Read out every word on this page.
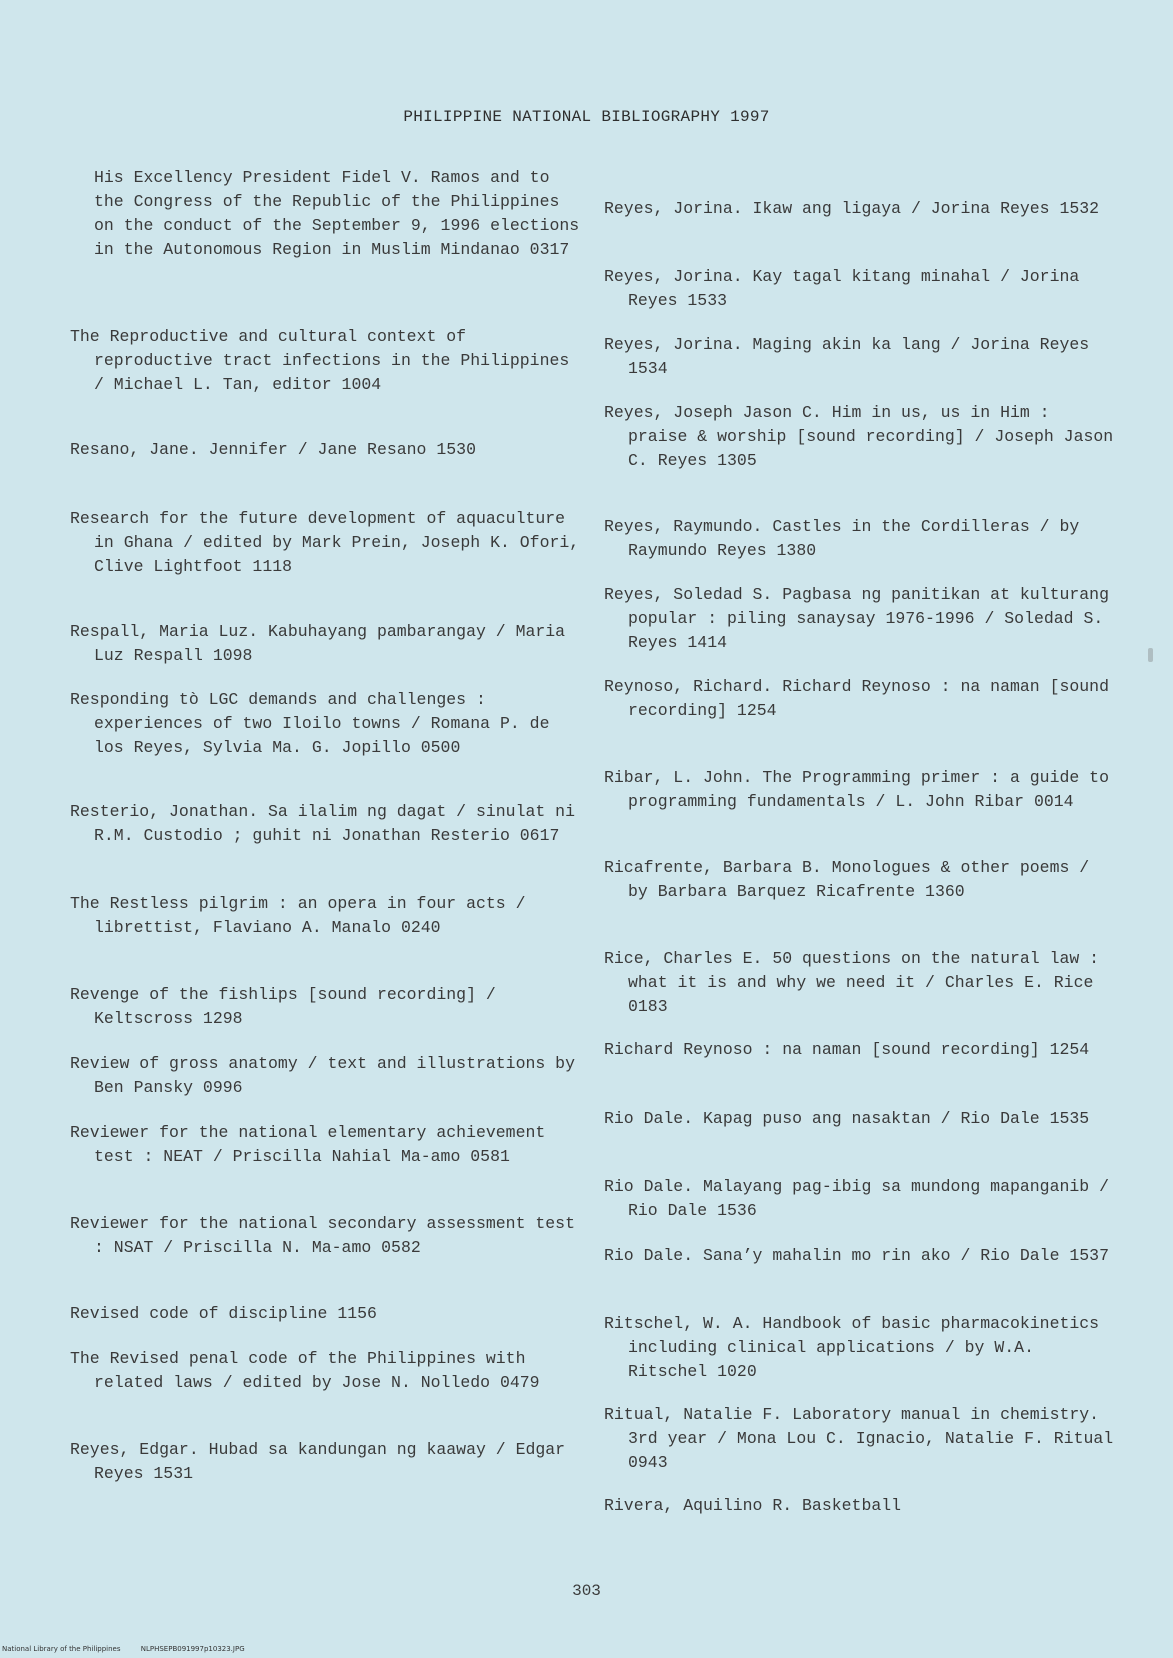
PHILIPPINE NATIONAL BIBLIOGRAPHY 1997
His Excellency President Fidel V. Ramos and to the Congress of the Republic of the Philippines on the conduct of the September 9, 1996 elections in the Autonomous Region in Muslim Mindanao 0317
The Reproductive and cultural context of reproductive tract infections in the Philippines / Michael L. Tan, editor 1004
Resano, Jane. Jennifer / Jane Resano 1530
Research for the future development of aquaculture in Ghana / edited by Mark Prein, Joseph K. Ofori, Clive Lightfoot 1118
Respall, Maria Luz. Kabuhayang pambarangay / Maria Luz Respall 1098
Responding tò LGC demands and challenges : experiences of two Iloilo towns / Romana P. de los Reyes, Sylvia Ma. G. Jopillo 0500
Resterio, Jonathan. Sa ilalim ng dagat / sinulat ni R.M. Custodio ; guhit ni Jonathan Resterio 0617
The Restless pilgrim : an opera in four acts / librettist, Flaviano A. Manalo 0240
Revenge of the fishlips [sound recording] / Keltscross 1298
Review of gross anatomy / text and illustrations by Ben Pansky 0996
Reviewer for the national elementary achievement test : NEAT / Priscilla Nahial Ma-amo 0581
Reviewer for the national secondary assessment test : NSAT / Priscilla N. Ma-amo 0582
Revised code of discipline 1156
The Revised penal code of the Philippines with related laws / edited by Jose N. Nolledo 0479
Reyes, Edgar. Hubad sa kandungan ng kaaway / Edgar Reyes 1531
Reyes, Jorina. Ikaw ang ligaya / Jorina Reyes 1532
Reyes, Jorina. Kay tagal kitang minahal / Jorina Reyes 1533
Reyes, Jorina. Maging akin ka lang / Jorina Reyes 1534
Reyes, Joseph Jason C. Him in us, us in Him : praise & worship [sound recording] / Joseph Jason C. Reyes 1305
Reyes, Raymundo. Castles in the Cordilleras / by Raymundo Reyes 1380
Reyes, Soledad S. Pagbasa ng panitikan at kulturang popular : piling sanaysay 1976-1996 / Soledad S. Reyes 1414
Reynoso, Richard. Richard Reynoso : na naman [sound recording] 1254
Ribar, L. John. The Programming primer : a guide to programming fundamentals / L. John Ribar 0014
Ricafrente, Barbara B. Monologues & other poems / by Barbara Barquez Ricafrente 1360
Rice, Charles E. 50 questions on the natural law : what it is and why we need it / Charles E. Rice 0183
Richard Reynoso : na naman [sound recording] 1254
Rio Dale. Kapag puso ang nasaktan / Rio Dale 1535
Rio Dale. Malayang pag-ibig sa mundong mapanganib / Rio Dale 1536
Rio Dale. Sana’y mahalin mo rin ako / Rio Dale 1537
Ritschel, W. A. Handbook of basic pharmacokinetics including clinical applications / by W.A. Ritschel 1020
Ritual, Natalie F. Laboratory manual in chemistry. 3rd year / Mona Lou C. Ignacio, Natalie F. Ritual 0943
Rivera, Aquilino R. Basketball
303
National Library of the Philippines	NLPHSEPB091997p10323.JPG
